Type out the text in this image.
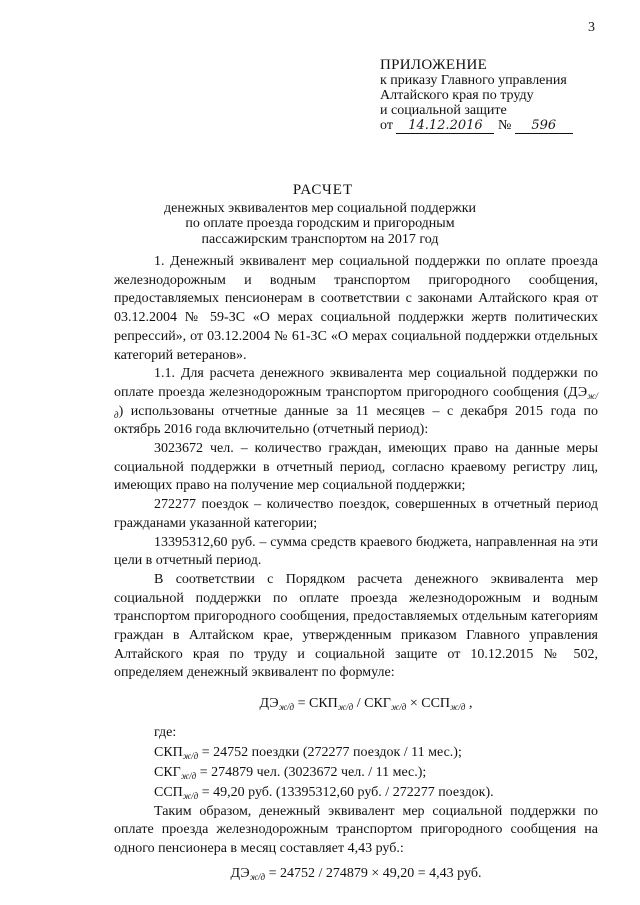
3
ПРИЛОЖЕНИЕ
к приказу Главного управления
Алтайского края по труду
и социальной защите
от 14.12.2016 № 596
РАСЧЕТ
денежных эквивалентов мер социальной поддержки
по оплате проезда городским и пригородным
пассажирским транспортом на 2017 год

1. Денежный эквивалент мер социальной поддержки по оплате проезда железнодорожным и водным транспортом пригородного сообщения, предоставляемых пенсионерам в соответствии с законами Алтайского края от 03.12.2004 № 59-ЗС «О мерах социальной поддержки жертв политических репрессий», от 03.12.2004 № 61-ЗС «О мерах социальной поддержки отдельных категорий ветеранов».

1.1. Для расчета денежного эквивалента мер социальной поддержки по оплате проезда железнодорожным транспортом пригородного сообщения $(ДЭ_{ж/д})$ использованы отчетные данные за 11 месяцев – с декабря 2015 года по октябрь 2016 года включительно (отчетный период):

3023672 чел. – количество граждан, имеющих право на данные меры социальной поддержки в отчетный период, согласно краевому регистру лиц, имеющих право на получение мер социальной поддержки;

272277 поездок – количество поездок, совершенных в отчетный период гражданами указанной категории;

13395312,60 руб. – сумма средств краевого бюджета, направленная на эти цели в отчетный период.

В соответствии с Порядком расчета денежного эквивалента мер социальной поддержки по оплате проезда железнодорожным и водным транспортом пригородного сообщения, предоставляемых отдельным категориям граждан в Алтайском крае, утвержденным приказом Главного управления Алтайского края по труду и социальной защите от 10.12.2015 № 502, определяем денежный эквивалент по формуле:

$ДЭ_{ж/д} = СКП_{ж/д} / СКГ_{ж/д} \times ССП_{ж/д}$ ,
где:
$СКП_{ж/д} = 24752$ поездки (272277 поездок / 11 мес.);
$СКГ_{ж/д} = 274879$ чел. (3023672 чел. / 11 мес.);
$ССП_{ж/д} = 49,20$ руб. (13395312,60 руб. / 272277 поездок).

Таким образом, денежный эквивалент мер социальной поддержки по оплате проезда железнодорожным транспортом пригородного сообщения на одного пенсионера в месяц составляет 4,43 руб.:

$ДЭ_{ж/д} = 24752 / 274879 \times 49,20 = 4,43$ руб.
